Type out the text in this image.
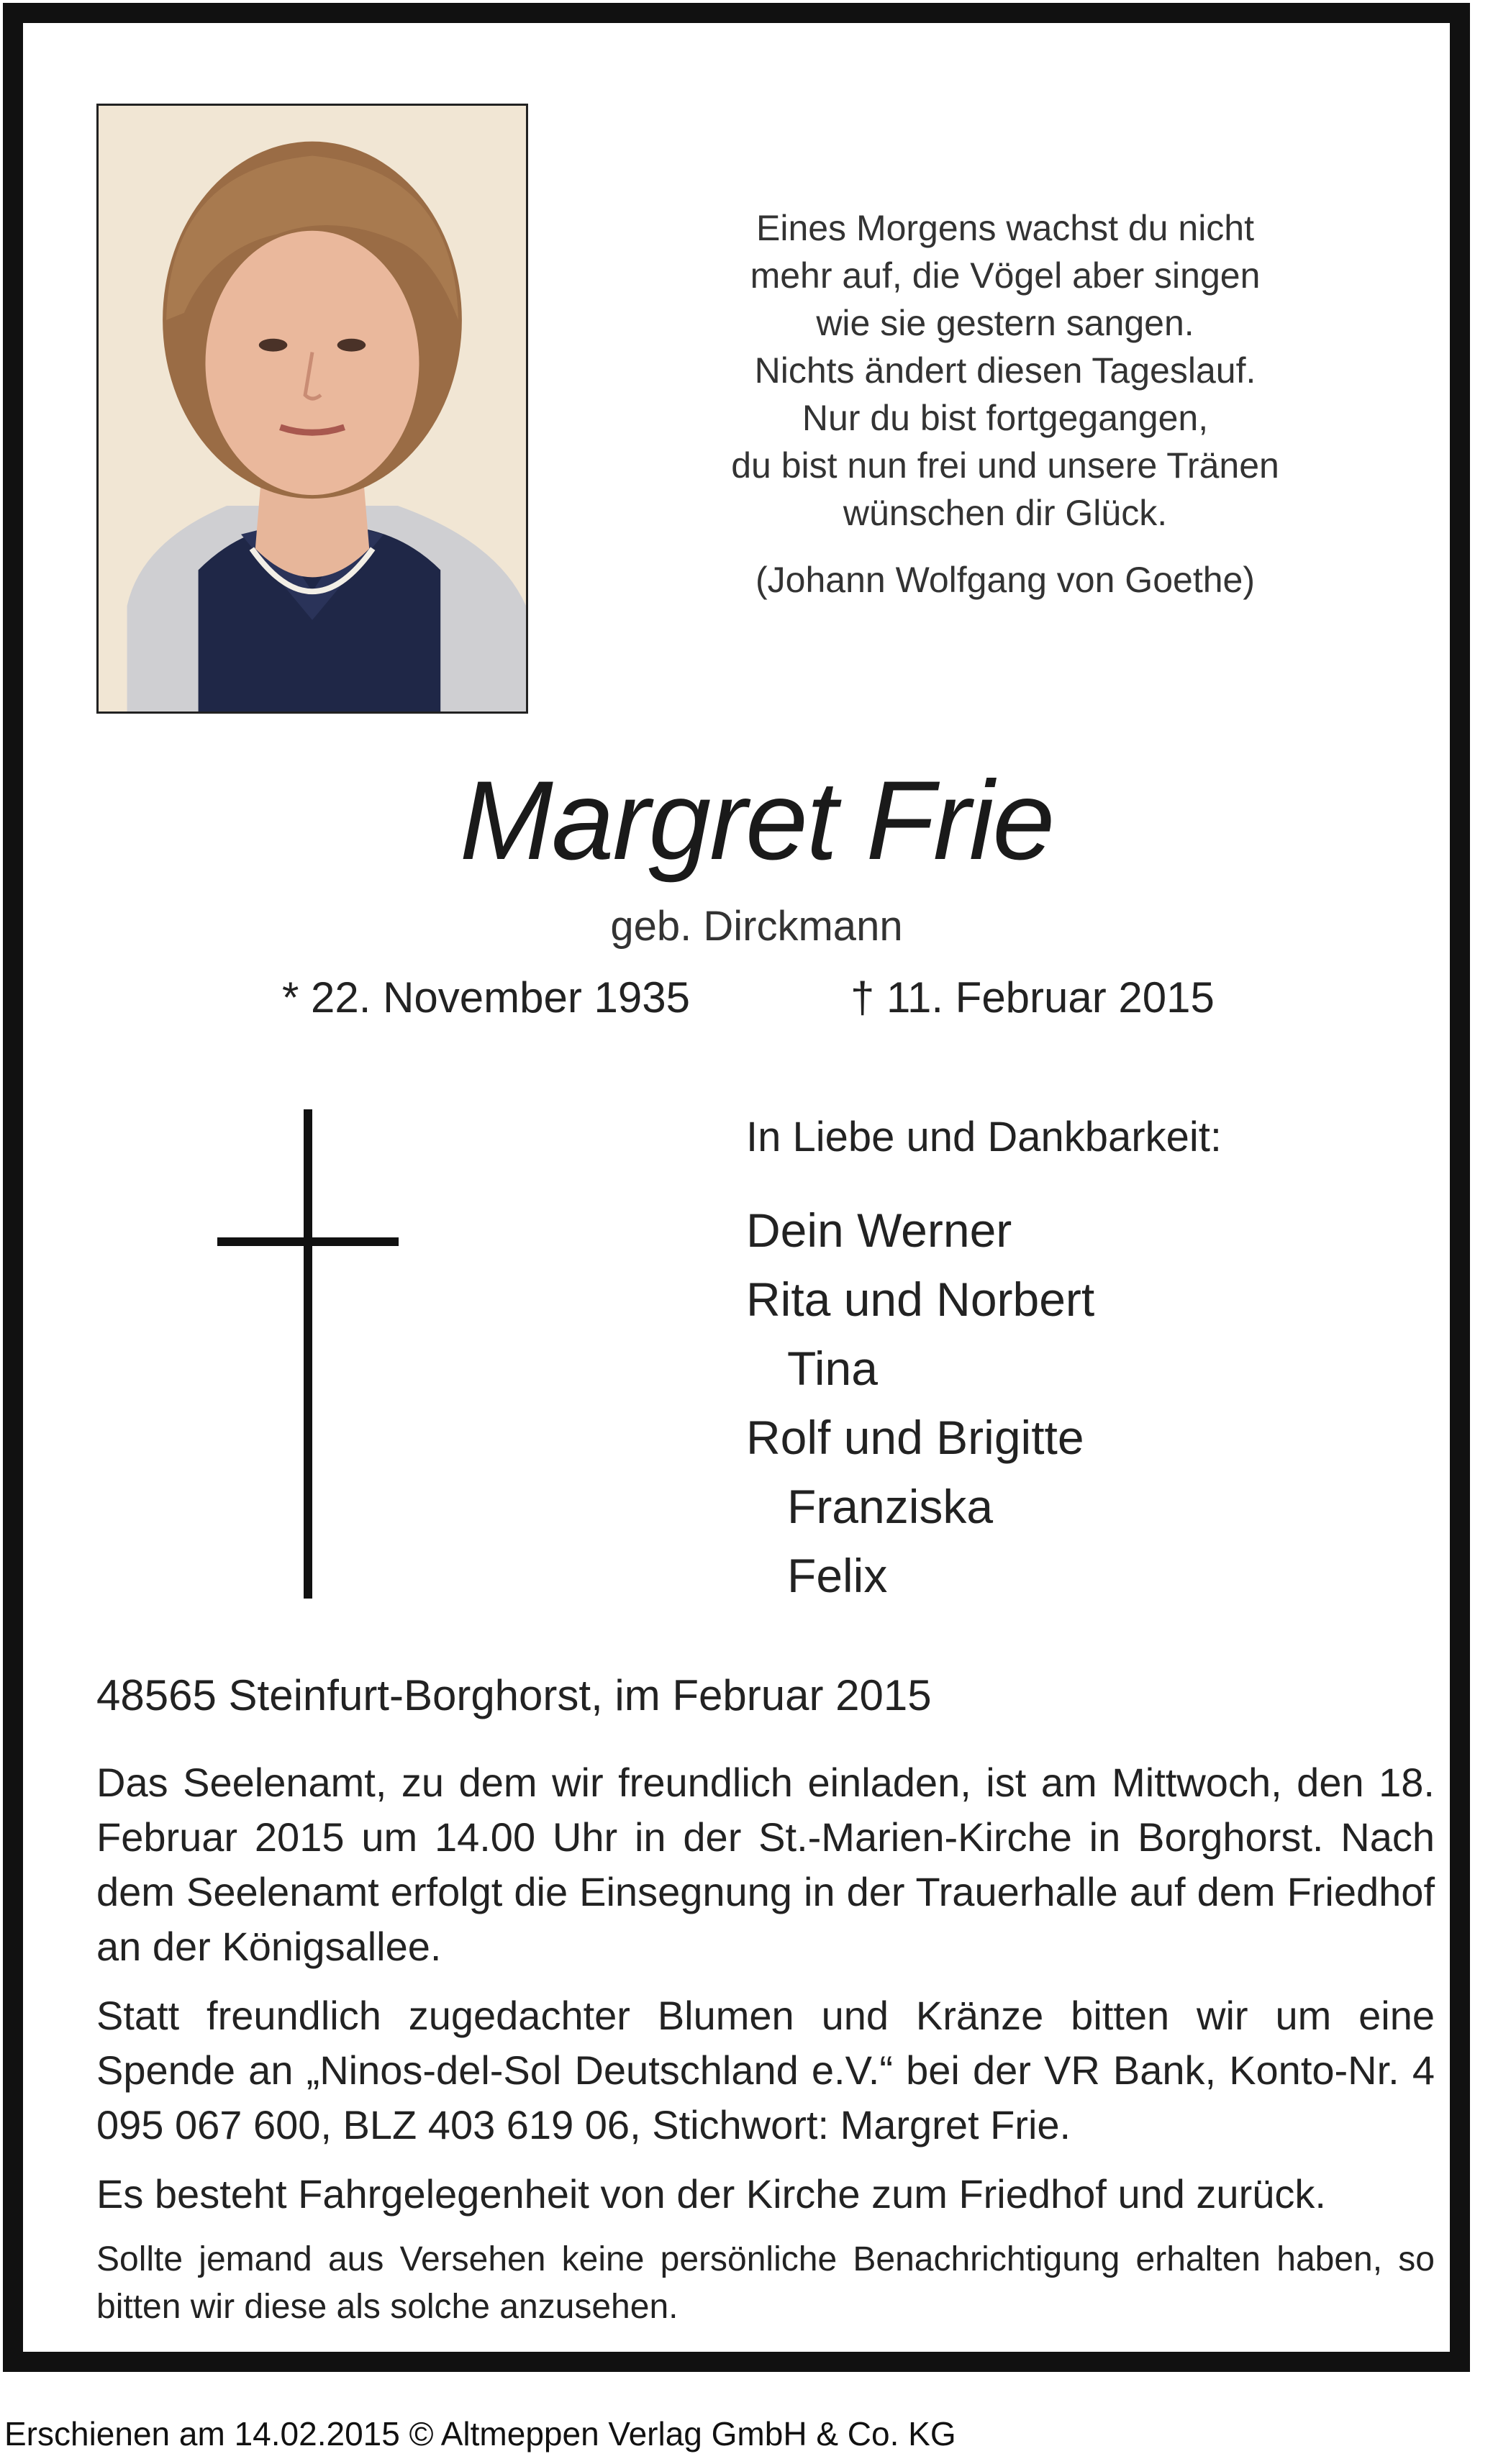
Eines Morgens wachst du nicht
mehr auf, die Vögel aber singen
wie sie gestern sangen.
Nichts ändert diesen Tageslauf.
Nur du bist fortgegangen,
du bist nun frei und unsere Tränen
wünschen dir Glück.
(Johann Wolfgang von Goethe)
Margret Frie
geb. Dirckmann
* 22. November 1935	† 11. Februar 2015
In Liebe und Dankbarkeit:
Dein Werner
Rita und Norbert
Tina
Rolf und Brigitte
Franziska
Felix
48565 Steinfurt-Borghorst, im Februar 2015

Das Seelenamt, zu dem wir freundlich einladen, ist am Mittwoch, den 18. Februar 2015 um 14.00 Uhr in der St.-Marien-Kirche in Borghorst. Nach dem Seelenamt erfolgt die Einsegnung in der Trauerhalle auf dem Friedhof an der Königsallee.

Statt freundlich zugedachter Blumen und Kränze bitten wir um eine Spende an „Ninos-del-Sol Deutschland e.V.“ bei der VR Bank, Konto-Nr. 4 095 067 600, BLZ 403 619 06, Stichwort: Margret Frie.

Es besteht Fahrgelegenheit von der Kirche zum Friedhof und zurück.

Sollte jemand aus Versehen keine persönliche Benachrichtigung erhalten haben, so bitten wir diese als solche anzusehen.

Erschienen am 14.02.2015 © Altmeppen Verlag GmbH & Co. KG
